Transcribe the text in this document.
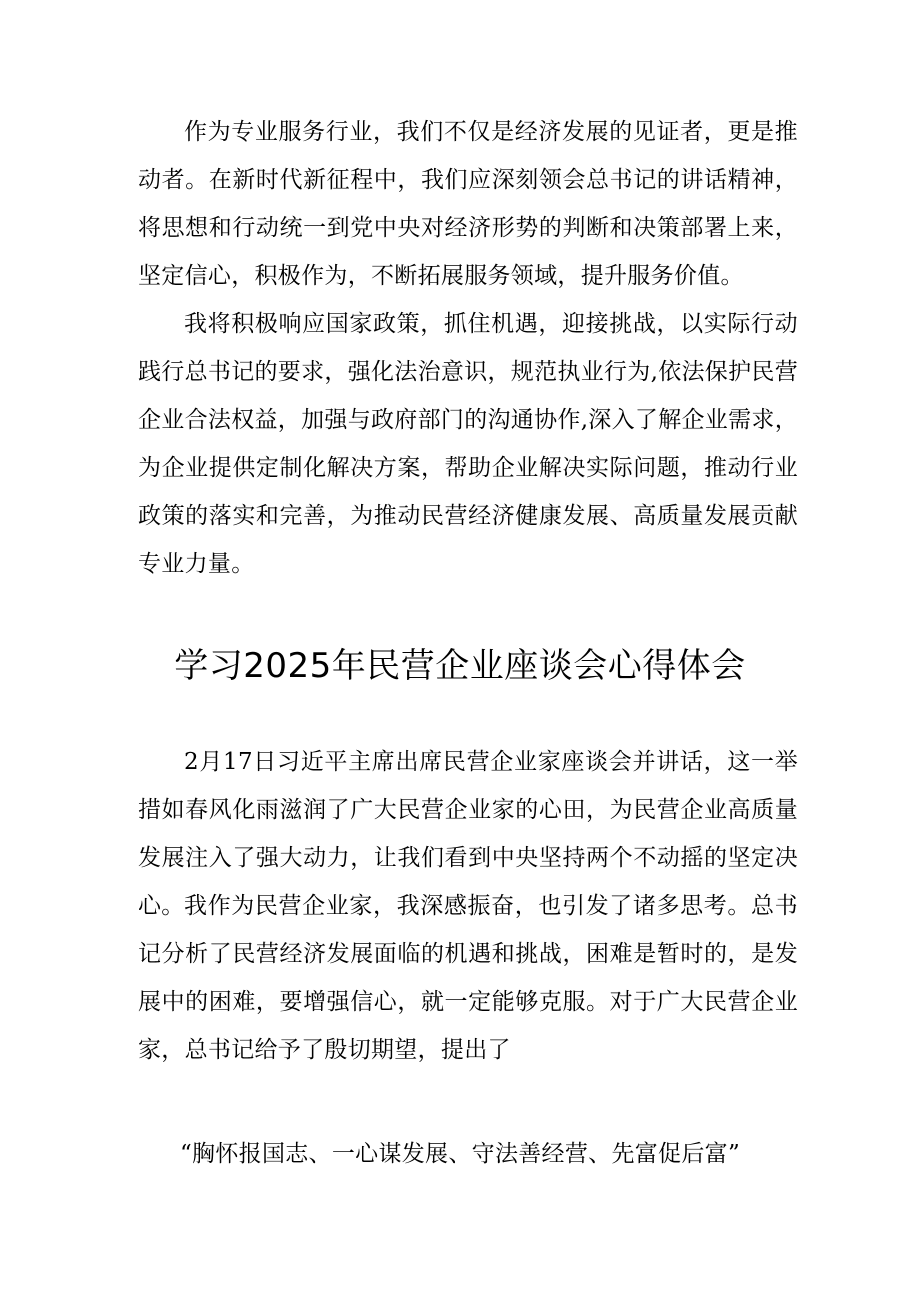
作为专业服务行业，我们不仅是经济发展的见证者，更是推动者。在新时代新征程中，我们应深刻领会总书记的讲话精神，将思想和行动统一到党中央对经济形势的判断和决策部署上来，坚定信心，积极作为，不断拓展服务领域，提升服务价值。

我将积极响应国家政策，抓住机遇，迎接挑战，以实际行动践行总书记的要求，强化法治意识，规范执业行为,依法保护民营企业合法权益，加强与政府部门的沟通协作,深入了解企业需求，为企业提供定制化解决方案，帮助企业解决实际问题，推动行业政策的落实和完善，为推动民营经济健康发展、高质量发展贡献专业力量。

学习2025年民营企业座谈会心得体会

2月17日习近平主席出席民营企业家座谈会并讲话，这一举措如春风化雨滋润了广大民营企业家的心田，为民营企业高质量发展注入了强大动力，让我们看到中央坚持两个不动摇的坚定决心。 我作为民营企业家，我深感振奋，也引发了诸多思考。总书记分析了民营经济发展面临的机遇和挑战，困难是暂时的，是发展中的困难，要增强信心，就一定能够克服。对于广大民营企业家，总书记给予了殷切期望，提出了

“胸怀报国志、一心谋发展、守法善经营、先富促后富”
